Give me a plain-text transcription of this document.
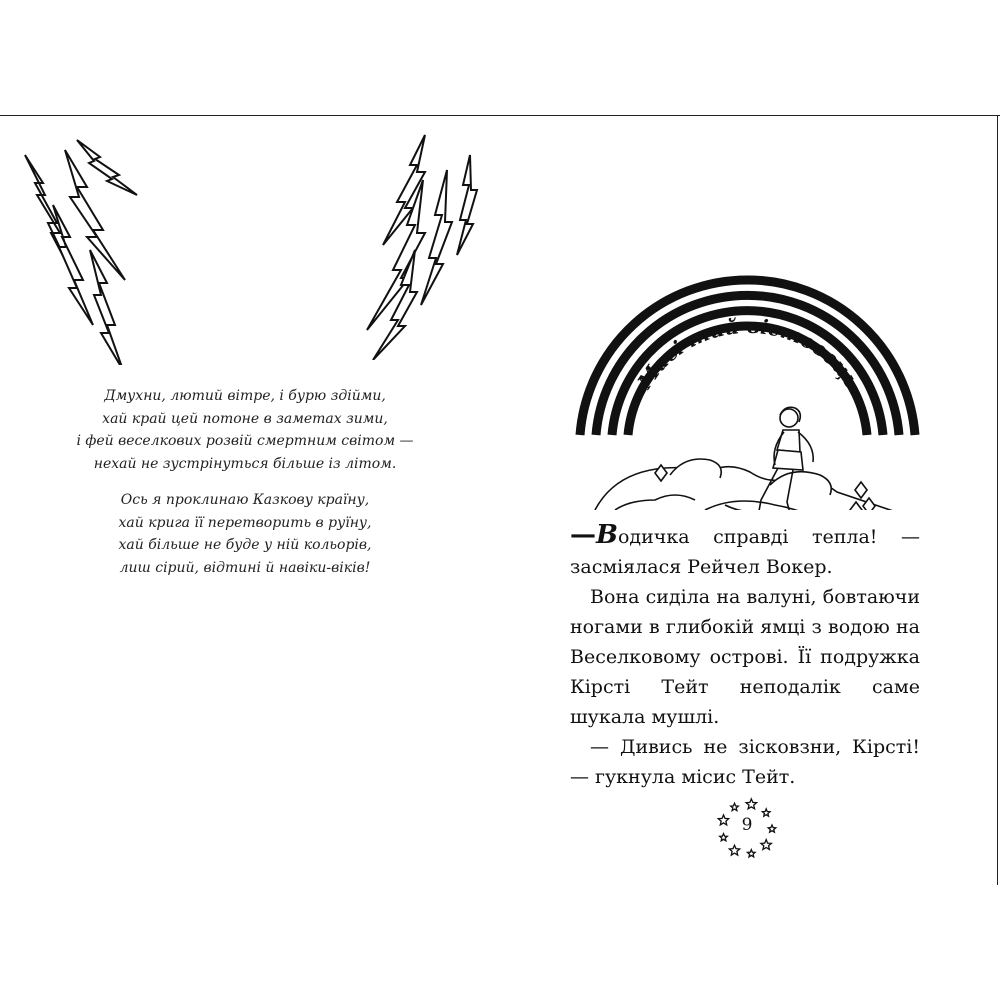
Дмухни, лютий вітре, і бурю здійми,
хай край цей потоне в заметах зими,
і фей веселкових розвій смертним світом —
нехай не зустрінуться більше із літом.
Ось я проклинаю Казкову країну,
хай крига її перетворить в руїну,
хай більше не буде у ній кольорів,
лиш сірий, відтині й навіки-віків!
Магічний вістовець

—Водичка справді тепла! — засміялася Рейчел Вокер.

Вона сиділа на валуні, бовтаючи ногами в глибокій ямці з водою на Веселковому острові. Її подружка Кірсті Тейт неподалік саме шукала мушлі.

— Дивись не зісковзни, Кірсті! — гукнула місис Тейт.

9
